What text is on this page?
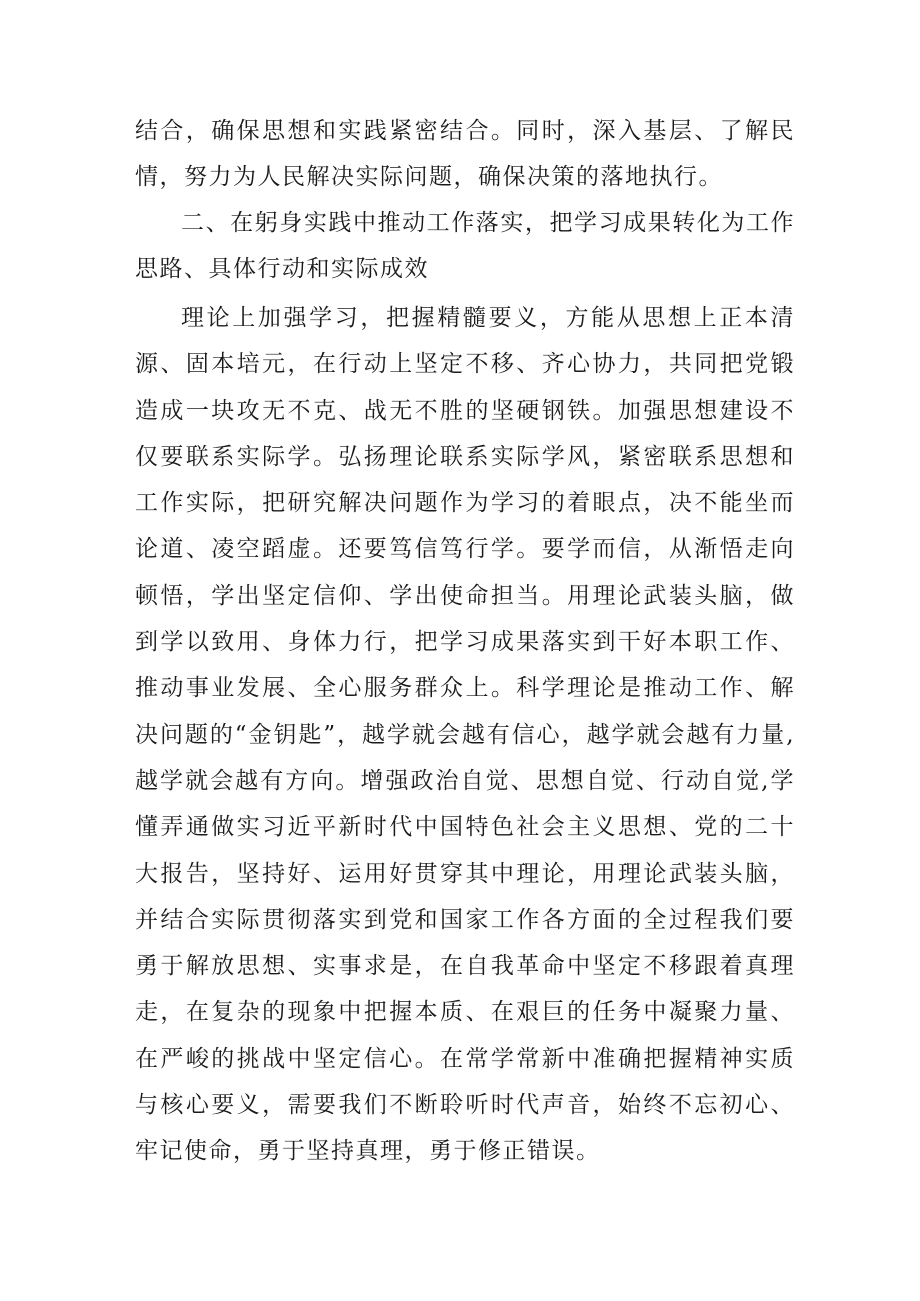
结合，确保思想和实践紧密结合。同时，深入基层、了解民情，努力为人民解决实际问题，确保决策的落地执行。

二、在躬身实践中推动工作落实，把学习成果转化为工作思路、具体行动和实际成效

理论上加强学习，把握精髓要义，方能从思想上正本清源、固本培元，在行动上坚定不移、齐心协力，共同把党锻造成一块攻无不克、战无不胜的坚硬钢铁。加强思想建设不仅要联系实际学。弘扬理论联系实际学风，紧密联系思想和工作实际，把研究解决问题作为学习的着眼点，决不能坐而论道、凌空蹈虚。还要笃信笃行学。要学而信，从渐悟走向顿悟，学出坚定信仰、学出使命担当。用理论武装头脑，做到学以致用、身体力行，把学习成果落实到干好本职工作、推动事业发展、全心服务群众上。科学理论是推动工作、解决问题的“金钥匙”，越学就会越有信心，越学就会越有力量,越学就会越有方向。增强政治自觉、思想自觉、行动自觉,学懂弄通做实习近平新时代中国特色社会主义思想、党的二十大报告，坚持好、运用好贯穿其中理论，用理论武装头脑，并结合实际贯彻落实到党和国家工作各方面的全过程我们要勇于解放思想、实事求是，在自我革命中坚定不移跟着真理走，在复杂的现象中把握本质、在艰巨的任务中凝聚力量、在严峻的挑战中坚定信心。在常学常新中准确把握精神实质与核心要义，需要我们不断聆听时代声音，始终不忘初心、牢记使命，勇于坚持真理，勇于修正错误。
